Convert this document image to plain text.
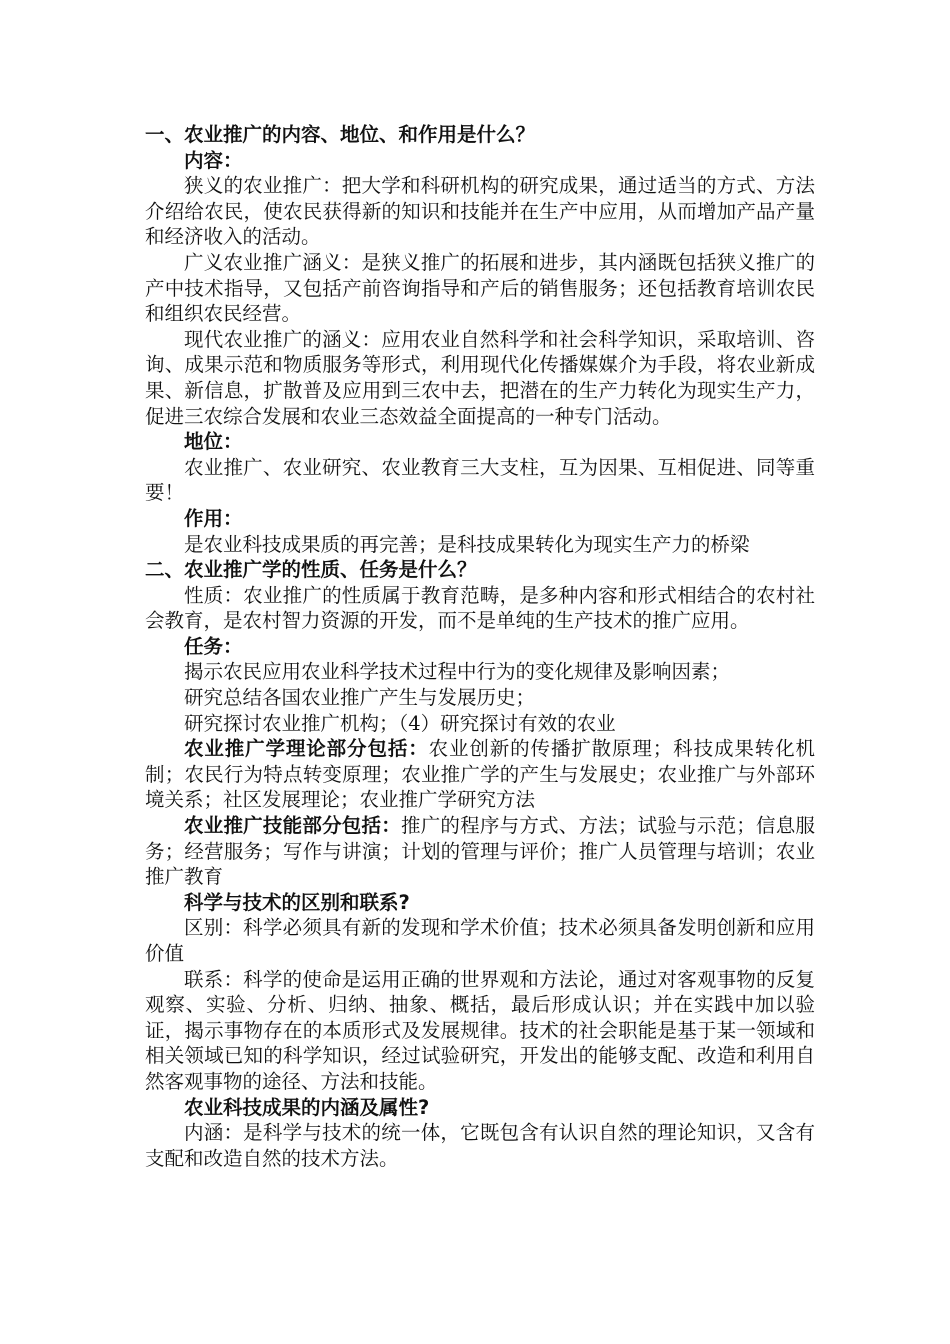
一、农业推广的内容、地位、和作用是什么？

内容：

狭义的农业推广：把大学和科研机构的研究成果，通过适当的方式、方法介绍给农民，使农民获得新的知识和技能并在生产中应用，从而增加产品产量和经济收入的活动。

广义农业推广涵义：是狭义推广的拓展和进步，其内涵既包括狭义推广的产中技术指导，又包括产前咨询指导和产后的销售服务；还包括教育培训农民和组织农民经营。

现代农业推广的涵义：应用农业自然科学和社会科学知识，采取培训、咨询、成果示范和物质服务等形式，利用现代化传播媒媒介为手段，将农业新成果、新信息，扩散普及应用到三农中去，把潜在的生产力转化为现实生产力，促进三农综合发展和农业三态效益全面提高的一种专门活动。

地位：

农业推广、农业研究、农业教育三大支柱，互为因果、互相促进、同等重要！

作用：

是农业科技成果质的再完善；是科技成果转化为现实生产力的桥梁

二、农业推广学的性质、任务是什么？

性质：农业推广的性质属于教育范畴，是多种内容和形式相结合的农村社会教育，是农村智力资源的开发，而不是单纯的生产技术的推广应用。

任务：

揭示农民应用农业科学技术过程中行为的变化规律及影响因素；

研究总结各国农业推广产生与发展历史；

研究探讨农业推广机构；（4）研究探讨有效的农业

农业推广学理论部分包括：农业创新的传播扩散原理；科技成果转化机制；农民行为特点转变原理；农业推广学的产生与发展史；农业推广与外部环境关系；社区发展理论；农业推广学研究方法

农业推广技能部分包括：推广的程序与方式、方法；试验与示范；信息服务；经营服务；写作与讲演；计划的管理与评价；推广人员管理与培训；农业推广教育

科学与技术的区别和联系?

区别：科学必须具有新的发现和学术价值；技术必须具备发明创新和应用价值

联系：科学的使命是运用正确的世界观和方法论，通过对客观事物的反复观察、实验、分析、归纳、抽象、概括，最后形成认识；并在实践中加以验证，揭示事物存在的本质形式及发展规律。技术的社会职能是基于某一领域和相关领域已知的科学知识，经过试验研究，开发出的能够支配、改造和利用自然客观事物的途径、方法和技能。

农业科技成果的内涵及属性?

内涵：是科学与技术的统一体，它既包含有认识自然的理论知识，又含有支配和改造自然的技术方法。
